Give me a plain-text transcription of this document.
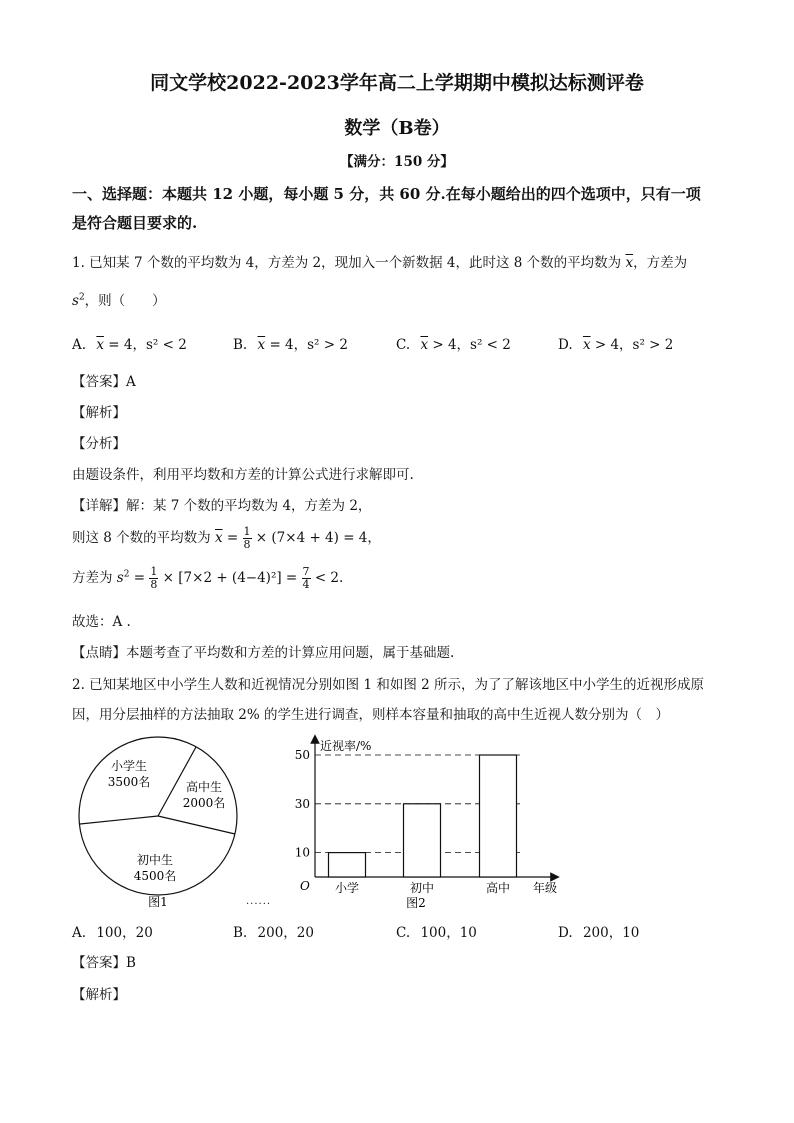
同文学校2022-2023学年高二上学期期中模拟达标测评卷
数学（B卷）
【满分：150 分】
一、选择题：本题共 12 小题，每小题 5 分，共 60 分.在每小题给出的四个选项中，只有一项
是符合题目要求的.
1. 已知某 7 个数的平均数为 4，方差为 2，现加入一个新数据 4，此时这 8 个数的平均数为 $\overline{x}$，方差为
$s^2$，则（　　）
A. $\overline{x} = 4$，s² < 2	B. $\overline{x} = 4$，s² > 2	C. $\overline{x} > 4$，s² < 2	D. $\overline{x} > 4$，s² > 2
【答案】A
【解析】
【分析】
由题设条件，利用平均数和方差的计算公式进行求解即可.
【详解】解：某 7 个数的平均数为 4，方差为 2，
则这 8 个数的平均数为 $\overline{x} = \frac{1}{8} \times (7\times 4 + 4) = 4$，
方差为 $s^2 = \frac{1}{8} \times [7\times 2 + (4-4)^2] = \frac{7}{4} < 2$.
故选：A .
【点睛】本题考查了平均数和方差的计算应用问题，属于基础题.
2. 已知某地区中小学生人数和近视情况分别如图 1 和如图 2 所示，为了了解该地区中小学生的近视形成原
因，用分层抽样的方法抽取 2% 的学生进行调查，则样本容量和抽取的高中生近视人数分别为（　）
小学生
3500名	高中生
2000名
初中生
4500名
图1	......
近视率/%
年级
O
10
30
50
小学	初中	高中
图2
A. 100，20	B. 200，20	C. 100，10	D. 200，10
【答案】B
【解析】
